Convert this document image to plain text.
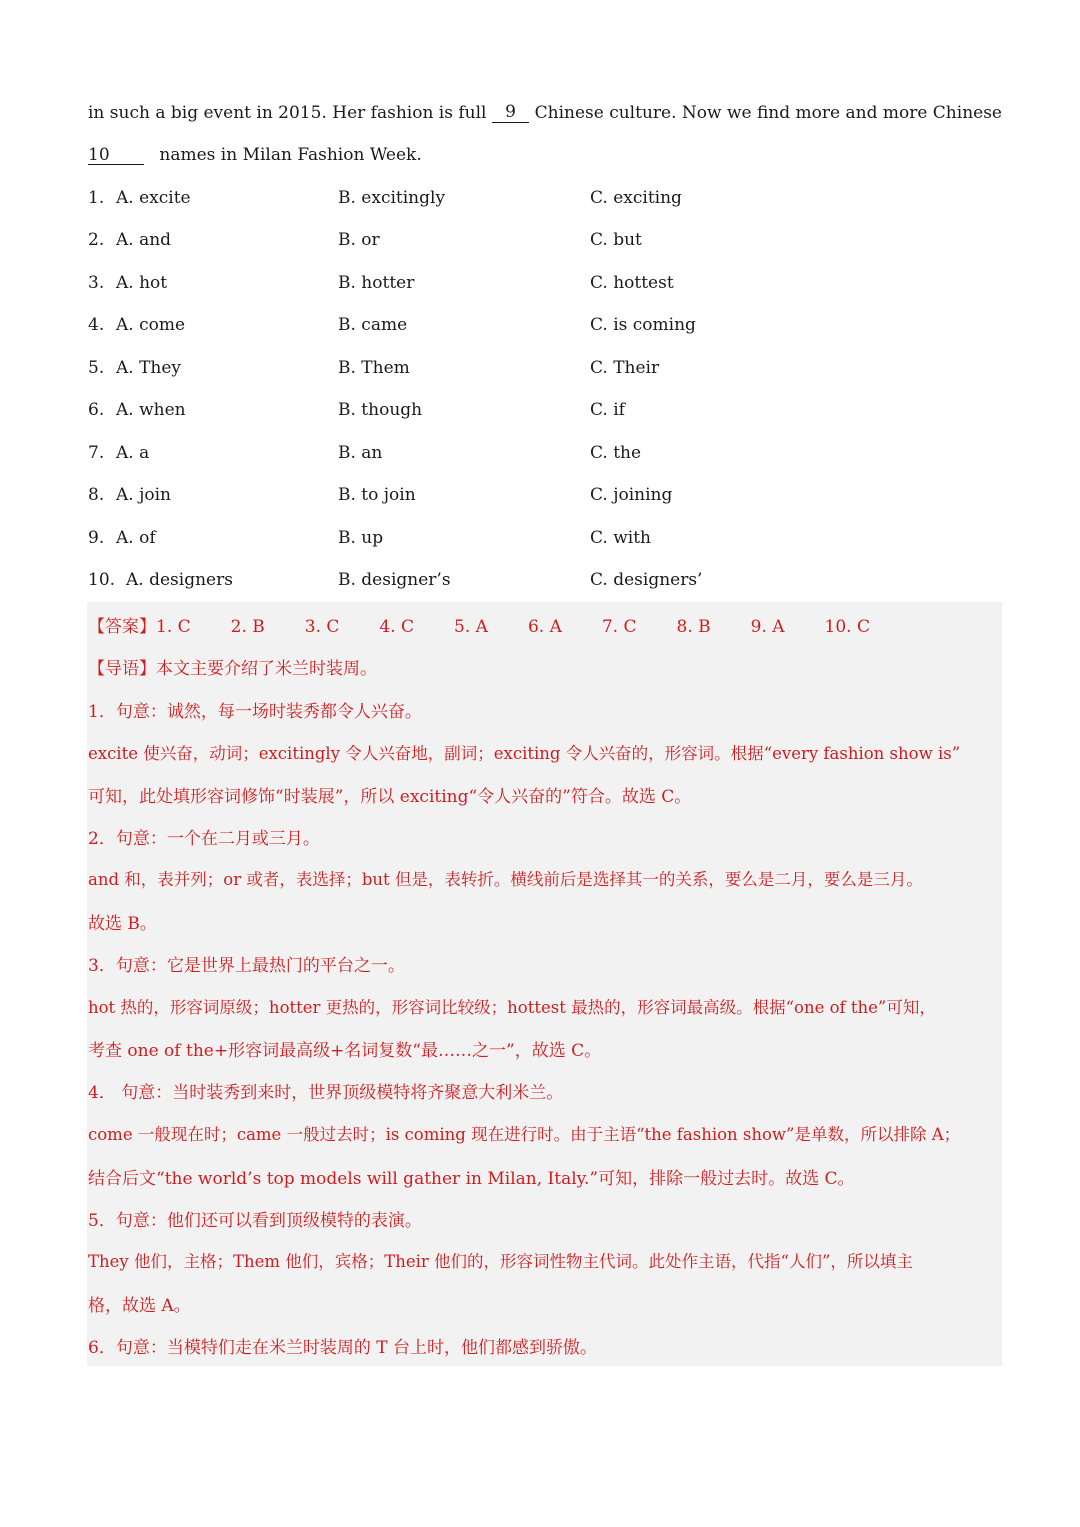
in such a big event in 2015. Her fashion is full	9	Chinese culture. Now we find more and more Chinese
10	names in Milan Fashion Week.
1. A. excite	B. excitingly	C. exciting
2. A. and	B. or	C. but
3. A. hot	B. hotter	C. hottest
4. A. come	B. came	C. is coming
5. A. They	B. Them	C. Their
6. A. when	B. though	C. if
7. A. a	B. an	C. the
8. A. join	B. to join	C. joining
9. A. of	B. up	C. with
10. A. designers	B. designer’s	C. designers’
【答案】1. C 2. B 3. C 4. C 5. A 6. A 7. C 8. B 9. A 10. C
【导语】本文主要介绍了米兰时装周。
1．句意：诚然，每一场时装秀都令人兴奋。
excite 使兴奋，动词；excitingly 令人兴奋地，副词；exciting 令人兴奋的，形容词。根据“every fashion show is”
可知，此处填形容词修饰“时装展”，所以 exciting“令人兴奋的”符合。故选 C。
2．句意：一个在二月或三月。
and 和，表并列；or 或者，表选择；but 但是，表转折。横线前后是选择其一的关系，要么是二月，要么是三月。
故选 B。
3．句意：它是世界上最热门的平台之一。
hot 热的，形容词原级；hotter 更热的，形容词比较级；hottest 最热的，形容词最高级。根据“one of the”可知，
考查 one of the+形容词最高级+名词复数“最……之一”，故选 C。
4． 句意：当时装秀到来时，世界顶级模特将齐聚意大利米兰。
come 一般现在时；came 一般过去时；is coming 现在进行时。由于主语“the fashion show”是单数，所以排除 A；
结合后文“the world’s top models will gather in Milan, Italy.”可知，排除一般过去时。故选 C。
5．句意：他们还可以看到顶级模特的表演。
They 他们，主格；Them 他们，宾格；Their 他们的，形容词性物主代词。此处作主语，代指“人们”，所以填主
格，故选 A。
6．句意：当模特们走在米兰时装周的 T 台上时，他们都感到骄傲。
